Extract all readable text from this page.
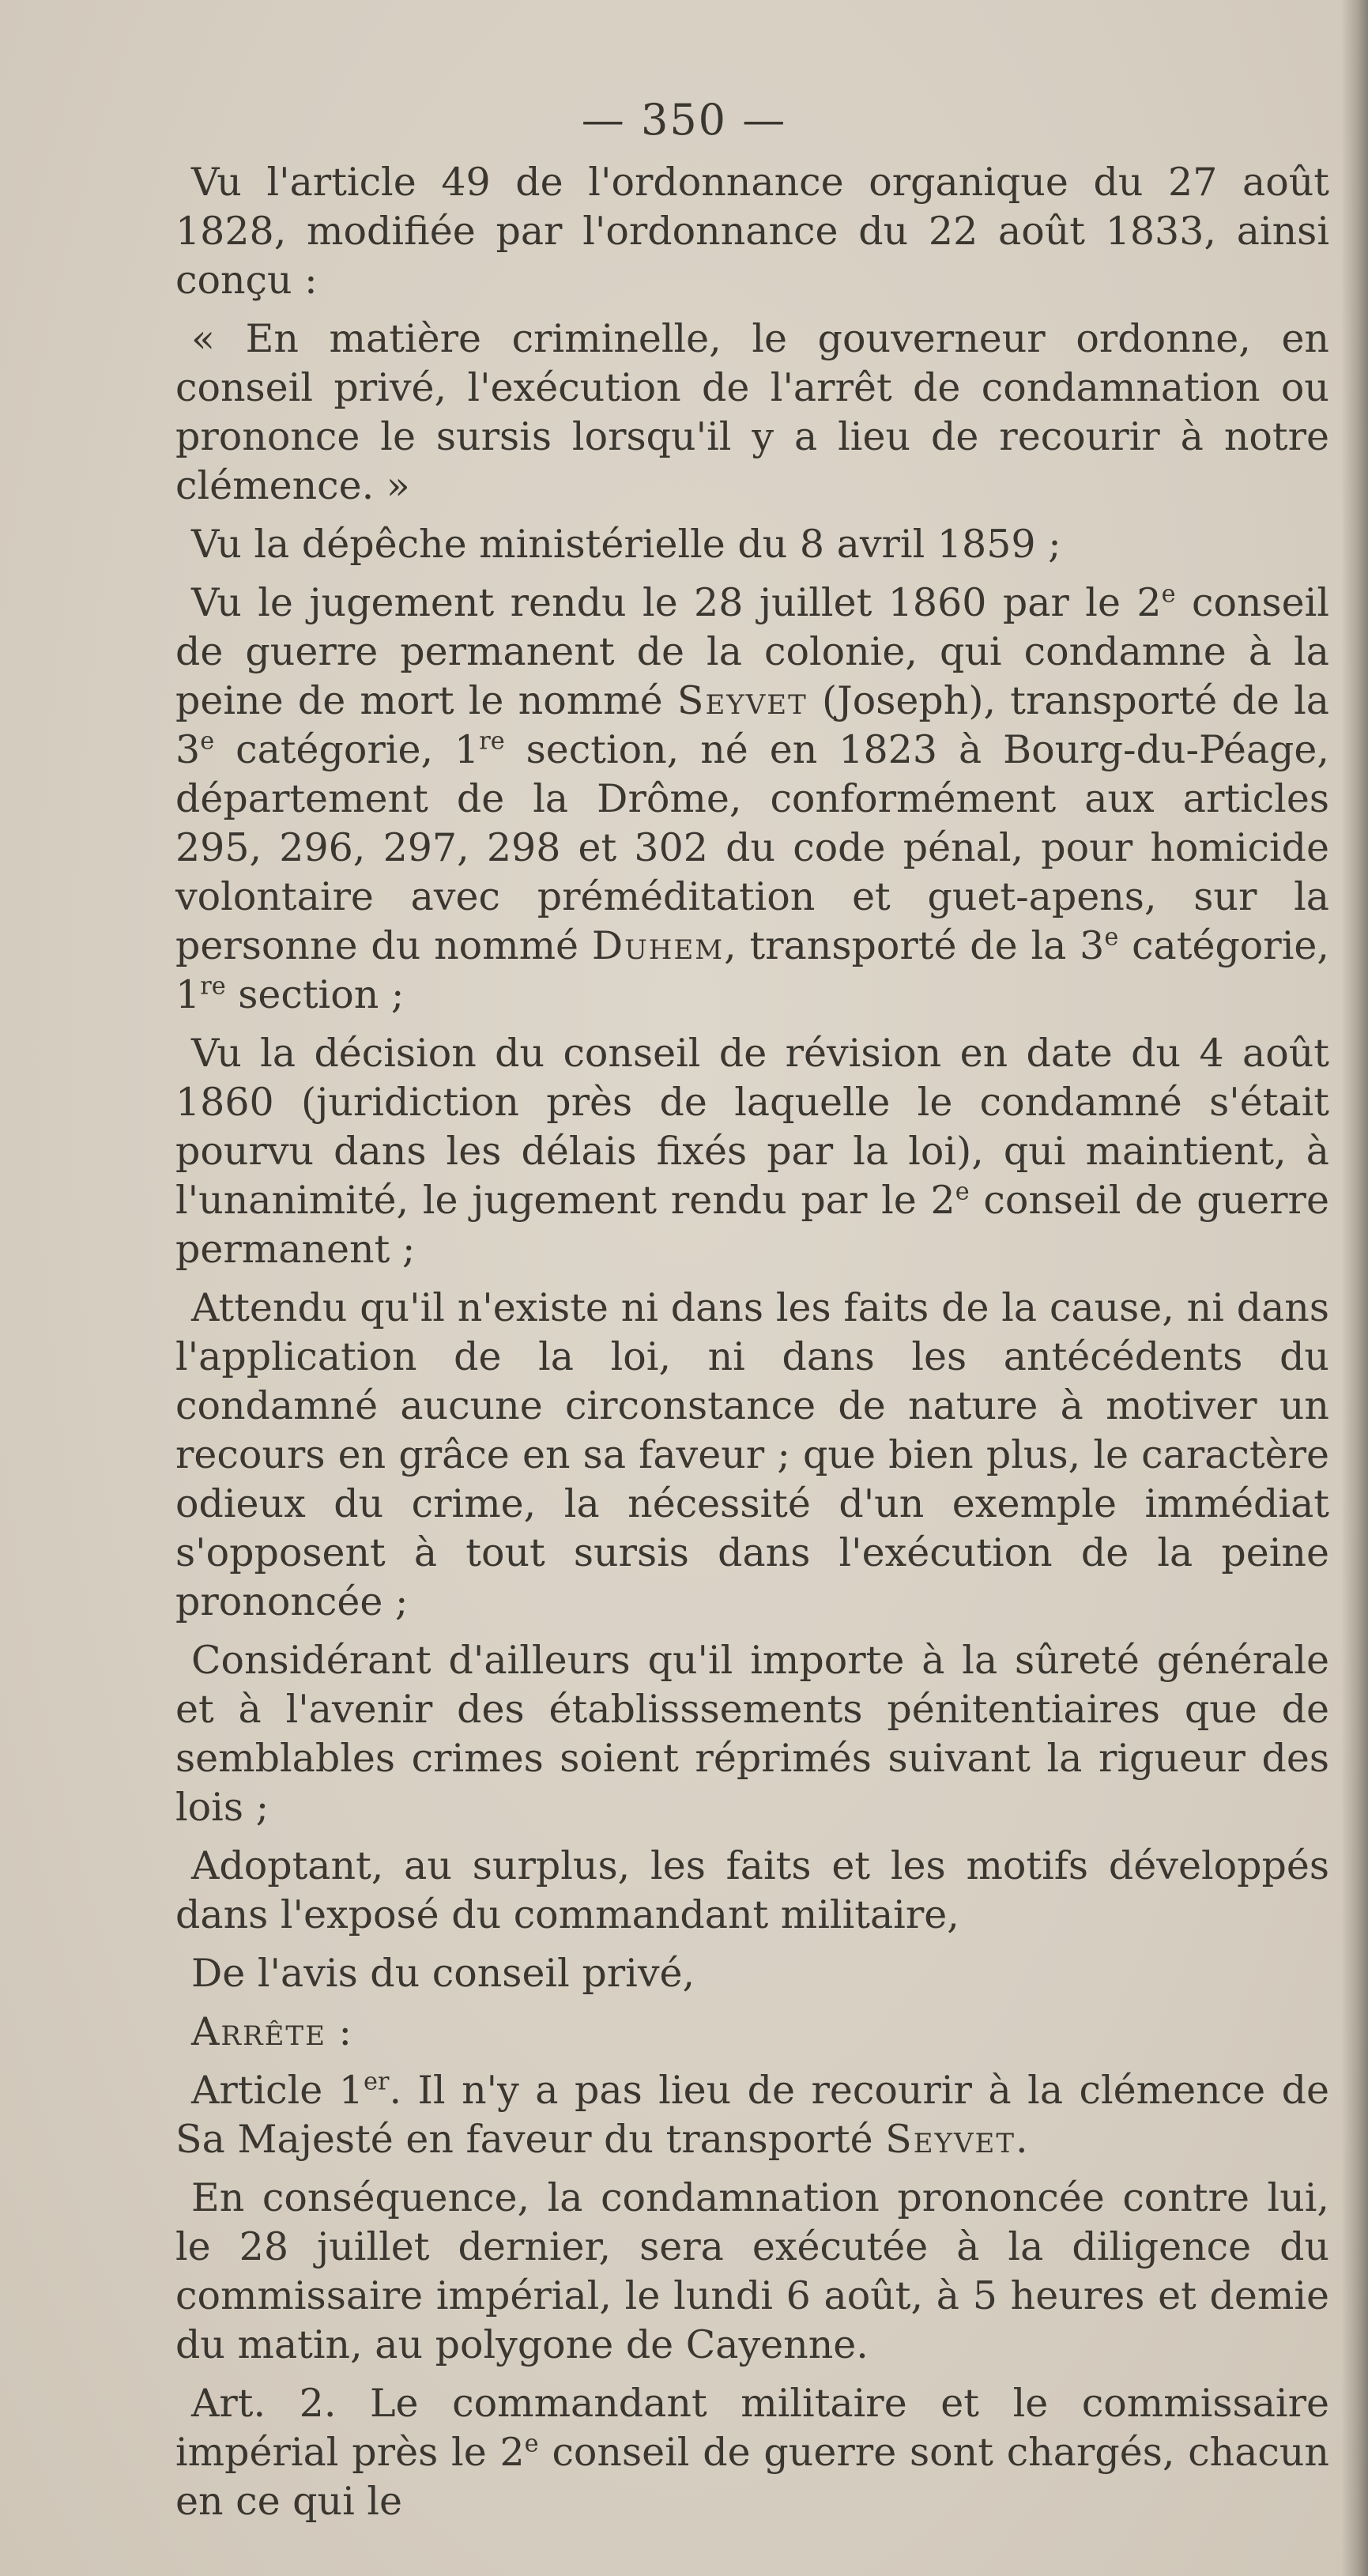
— 350 —

Vu l'article 49 de l'ordonnance organique du 27 août 1828, modifiée par l'ordonnance du 22 août 1833, ainsi conçu :

« En matière criminelle, le gouverneur ordonne, en conseil privé, l'exécution de l'arrêt de condamnation ou prononce le sursis lorsqu'il y a lieu de recourir à notre clémence. »

Vu la dépêche ministérielle du 8 avril 1859 ;

Vu le jugement rendu le 28 juillet 1860 par le 2e conseil de guerre permanent de la colonie, qui condamne à la peine de mort le nommé Seyvet (Joseph), transporté de la 3e catégorie, 1re section, né en 1823 à Bourg-du-Péage, département de la Drôme, conformément aux articles 295, 296, 297, 298 et 302 du code pénal, pour homicide volontaire avec préméditation et guet-apens, sur la personne du nommé Duhem, transporté de la 3e catégorie, 1re section ;

Vu la décision du conseil de révision en date du 4 août 1860 (juridiction près de laquelle le condamné s'était pourvu dans les délais fixés par la loi), qui maintient, à l'unanimité, le jugement rendu par le 2e conseil de guerre permanent ;

Attendu qu'il n'existe ni dans les faits de la cause, ni dans l'application de la loi, ni dans les antécédents du condamné aucune circonstance de nature à motiver un recours en grâce en sa faveur ; que bien plus, le caractère odieux du crime, la nécessité d'un exemple immédiat s'opposent à tout sursis dans l'exécution de la peine prononcée ;

Considérant d'ailleurs qu'il importe à la sûreté générale et à l'avenir des établisssements pénitentiaires que de semblables crimes soient réprimés suivant la rigueur des lois ;

Adoptant, au surplus, les faits et les motifs développés dans l'exposé du commandant militaire,

De l'avis du conseil privé,

Arrête :

Article 1er. Il n'y a pas lieu de recourir à la clémence de Sa Majesté en faveur du transporté Seyvet.

En conséquence, la condamnation prononcée contre lui, le 28 juillet dernier, sera exécutée à la diligence du commissaire impérial, le lundi 6 août, à 5 heures et demie du matin, au polygone de Cayenne.

Art. 2. Le commandant militaire et le commissaire impérial près le 2e conseil de guerre sont chargés, chacun en ce qui le
